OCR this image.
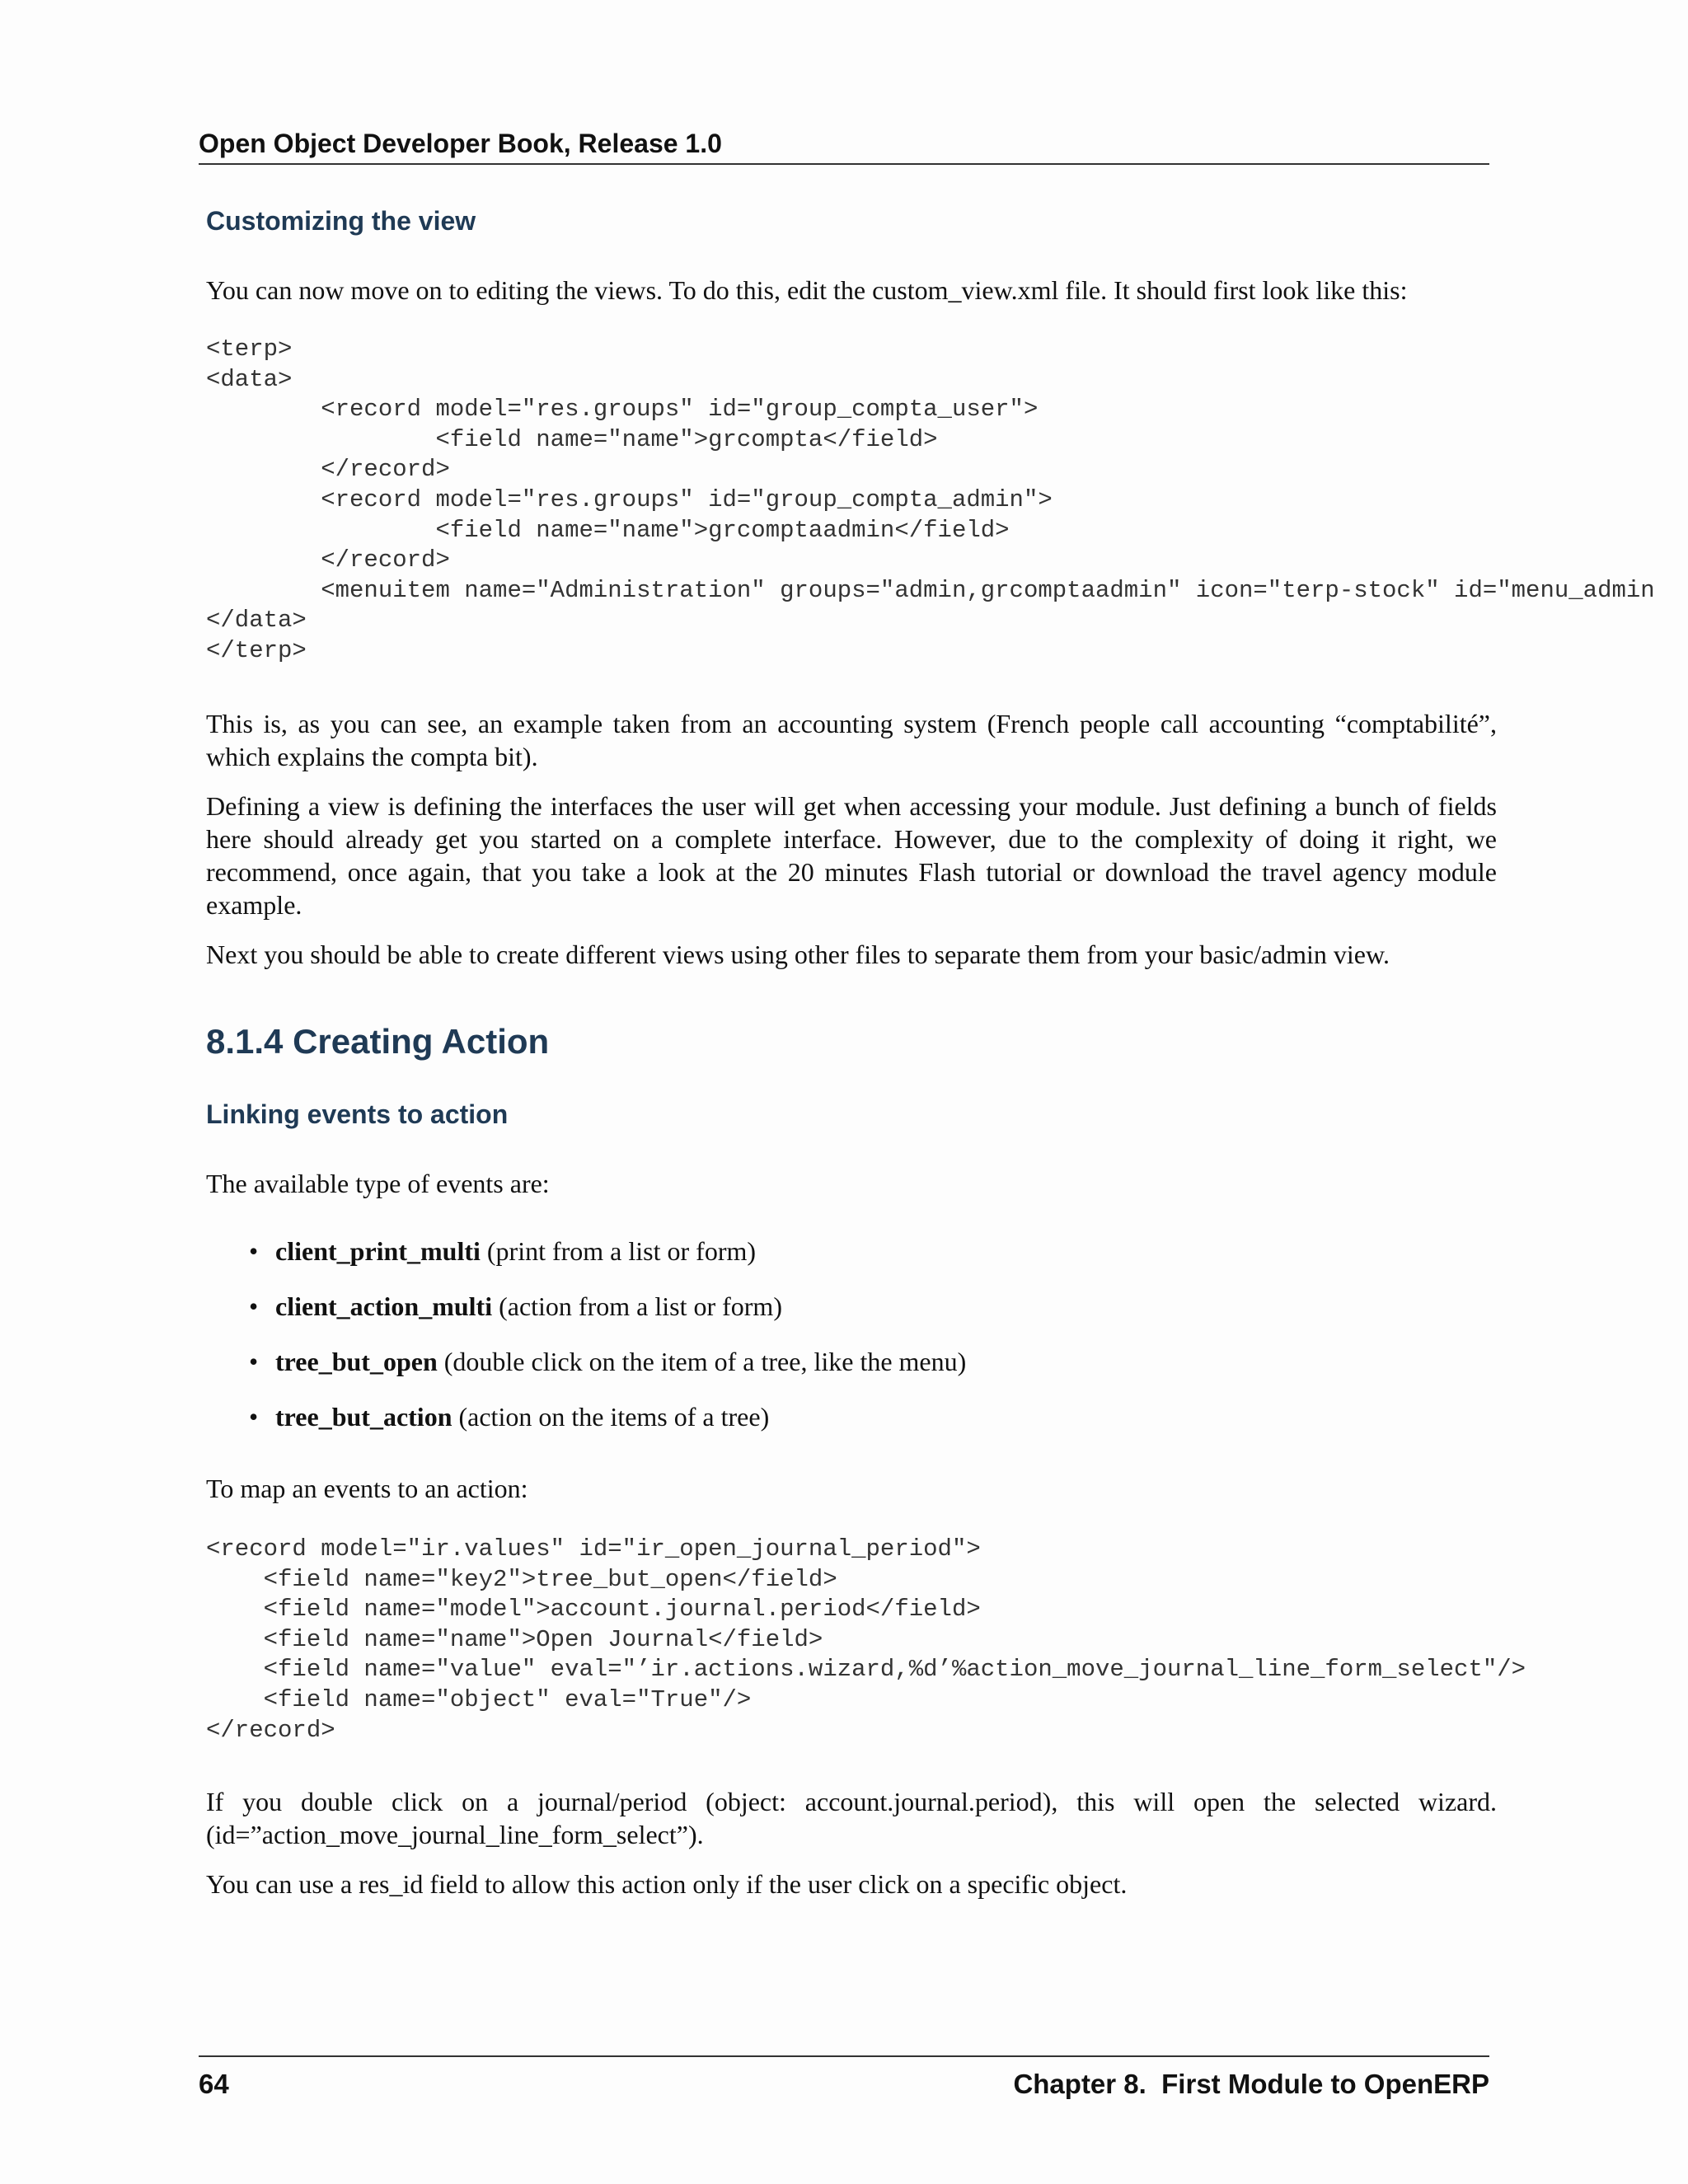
Open Object Developer Book, Release 1.0
Customizing the view
You can now move on to editing the views. To do this, edit the custom_view.xml file. It should first look like this:
<terp>
<data>
<record model="res.groups" id="group_compta_user">
<field name="name">grcompta</field>
</record>
<record model="res.groups" id="group_compta_admin">
<field name="name">grcomptaadmin</field>
</record>
<menuitem name="Administration" groups="admin,grcomptaadmin" icon="terp-stock" id="menu_admin
</data>
</terp>
This is, as you can see, an example taken from an accounting system (French people call accounting “comptabilité”, which explains the compta bit).
Defining a view is defining the interfaces the user will get when accessing your module. Just defining a bunch of fields here should already get you started on a complete interface. However, due to the complexity of doing it right, we recommend, once again, that you take a look at the 20 minutes Flash tutorial or download the travel agency module example.
Next you should be able to create different views using other files to separate them from your basic/admin view.
8.1.4 Creating Action
Linking events to action
The available type of events are:
• client_print_multi (print from a list or form)
• client_action_multi (action from a list or form)
• tree_but_open (double click on the item of a tree, like the menu)
• tree_but_action (action on the items of a tree)
To map an events to an action:
<record model="ir.values" id="ir_open_journal_period">
<field name="key2">tree_but_open</field>
<field name="model">account.journal.period</field>
<field name="name">Open Journal</field>
<field name="value" eval="’ir.actions.wizard,%d’%action_move_journal_line_form_select"/>
<field name="object" eval="True"/>
</record>
If you double click on a journal/period (object: account.journal.period), this will open the selected wizard. (id=”action_move_journal_line_form_select”).
You can use a res_id field to allow this action only if the user click on a specific object.
64	Chapter 8.  First Module to OpenERP
